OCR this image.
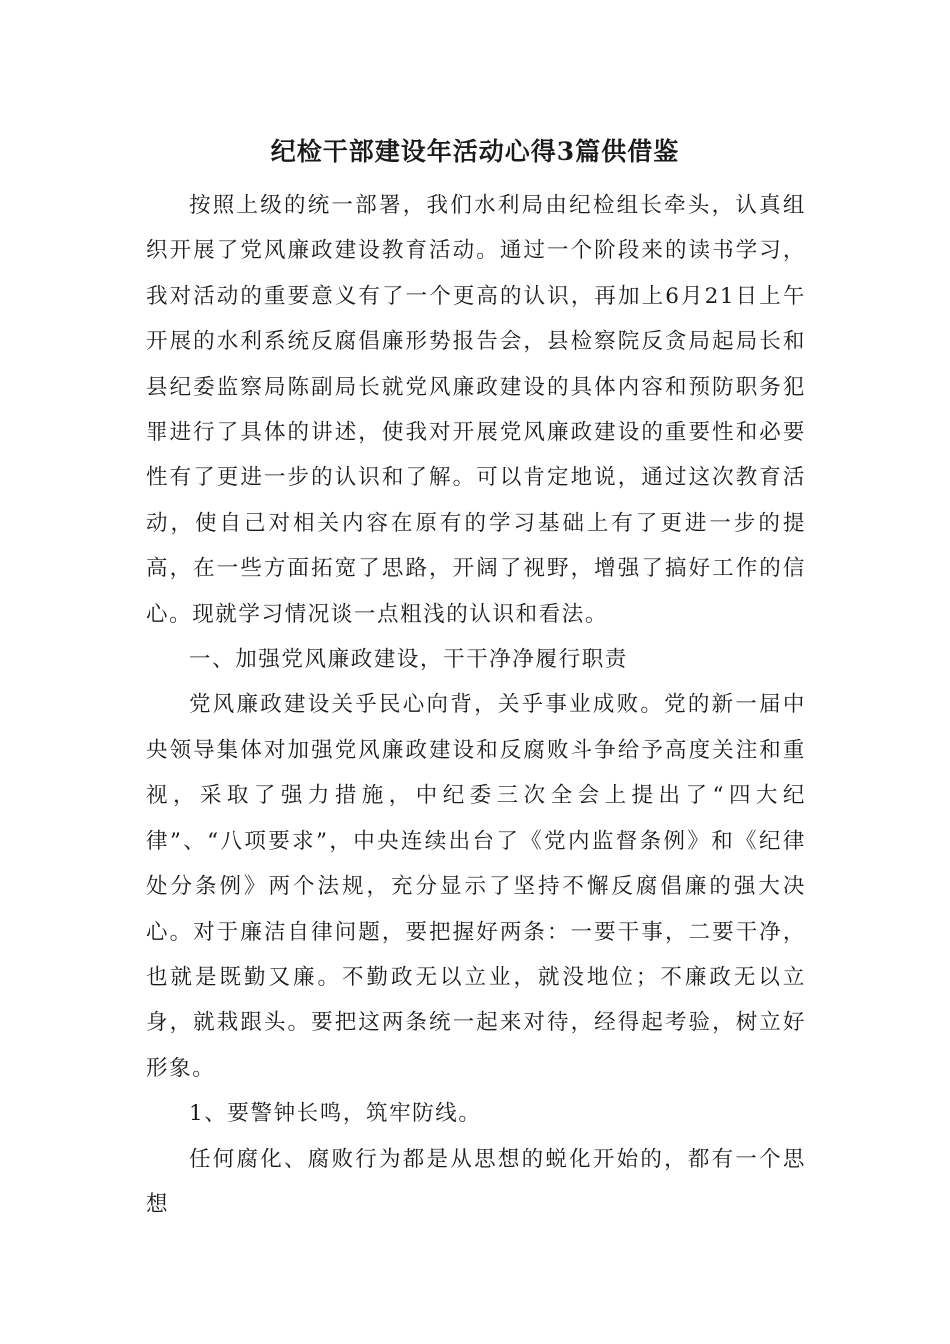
纪检干部建设年活动心得3篇供借鉴

按照上级的统一部署，我们水利局由纪检组长牵头，认真组织开展了党风廉政建设教育活动。通过一个阶段来的读书学习，我对活动的重要意义有了一个更高的认识，再加上6月21日上午开展的水利系统反腐倡廉形势报告会，县检察院反贪局起局长和县纪委监察局陈副局长就党风廉政建设的具体内容和预防职务犯罪进行了具体的讲述，使我对开展党风廉政建设的重要性和必要性有了更进一步的认识和了解。可以肯定地说，通过这次教育活动，使自己对相关内容在原有的学习基础上有了更进一步的提高，在一些方面拓宽了思路，开阔了视野，增强了搞好工作的信心。现就学习情况谈一点粗浅的认识和看法。

一、加强党风廉政建设，干干净净履行职责

党风廉政建设关乎民心向背，关乎事业成败。党的新一届中央领导集体对加强党风廉政建设和反腐败斗争给予高度关注和重视，采取了强力措施，中纪委三次全会上提出了“四大纪律”、“八项要求”，中央连续出台了《党内监督条例》和《纪律处分条例》两个法规，充分显示了坚持不懈反腐倡廉的强大决心。对于廉洁自律问题，要把握好两条：一要干事，二要干净，也就是既勤又廉。不勤政无以立业，就没地位；不廉政无以立身，就栽跟头。要把这两条统一起来对待，经得起考验，树立好形象。

1、要警钟长鸣，筑牢防线。

任何腐化、腐败行为都是从思想的蜕化开始的，都有一个思想
